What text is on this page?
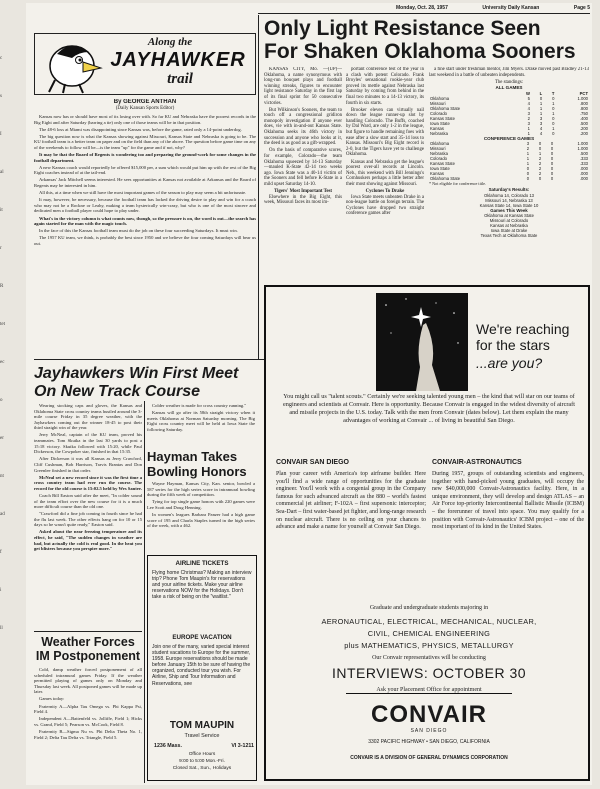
c
s
I
al
it
r
R
tet
ec
o
er
nt
ad
f
i
ll
Monday, Oct. 28, 1957	University Daily Kansan	Page 5
Along the
JAYHAWKER
trail
By GEORGE ANTHAN
(Daily Kansan Sports Editor)
Kansas now has or should have most of its losing over with. So far KU and Nebraska have the poorest records in the Big Eight and after Saturday (barring a tie) only one of those teams will be in that position.
The 48-6 loss at Miami was disappointing since Kansas was, before the game, rated only a 14-point underdog.
The big question now is what the Kansas showing against Missouri, Kansas State and Nebraska is going to be. The KU football team is a better team on paper and on the field than any of the above. The question before game time on any of the weekends to follow will be—is the team "up" for the game and if not, why?
It may be that the Board of Regents is wondering too and preparing the ground-work for some changes in the football department.
A new Kansas coach would reportedly be offered $15,000 per, a sum which would put him up with the rest of the Big Eight coaches instead of at the tail-end.
Arkansas' Jack Mitchell seems interested. He sees opportunities at Kansas not available at Arkansas and the Board of Regents may be interested in him.
All this, at a time when we still have the most important games of the season to play may seem a bit unfortunate.
It may, however, be necessary, because the football team has lacked the driving desire to play and win for a coach who may not be a Rockne or Leahy, making a team hysterically win-crazy, but who is one of the most sincere and dedicated men a football player could hope to play under.
What's in the victory column is what counts now, though, so the pressure is on, the word is out—the search has again started for the man with the magic touch.
In the face of this the Kansas football team must do the job on these four succeeding Saturdays. It must win.
The 1957 KU team, we think, is probably the best since 1950 and we believe the four coming Saturdays will bear us out.
Only Light Resistance Seen
For Shaken Oklahoma Sooners
KANSAS CITY, Mo. —(UP)— Oklahoma, a name synonymous with long-run bouquet plays and football winning streaks, figures to encounter light resistance Saturday in the first lap of its final sprint for 50 consecutive victories.
But Wilkinson's Sooners, the team to touch off a congressional gridiron monopoly investigation if anyone ever does, vie with in-and-out Kansas State. Oklahoma seeks its 46th victory in succession and anyone who looks at it, the deed is as good as a gift-wrapped.
On the basis of comparative scores, for example, Colorado—the team Oklahoma squeezed by 14-13 Saturday—mauled K-State 42-14 two weeks ago. Iowa State was a 40-14 victim of the Sooners and fell before K-State in a mild upset Saturday 14-10.
Tigers' Most Important Test
Elsewhere in the Big Eight, this week, Missouri faces its most im-
portant conference test of the year in a clash with potent Colorado. Frank Broyles' sensational rookie-year club proved its mettle against Nebraska last Saturday by coming from behind in the final two minutes to a 14-13 victory, its fourth in six starts.
Brooker eleven can virtually nail down the league runner-up slot by handling Colorado. The Buffs, coached by Dal Ward, are only 1-2 in the league, but figure to handle remaining foes with ease after a slow start and 35-14 loss to Kansas. Missouri's Big Eight record is 2-0, but the Tigers have yet to challenge Oklahoma.
Kansas and Nebraska get the league's poorest over-all records at Lincoln. Neb., this weekend with Bill Jennings's Cornhuskers perhaps a little better after their most showing against Missouri.
Cyclones To Drake
Iowa State meets unbeaten Drake in a non-league battle on foreign terrain. The Cyclones have dropped two straight conference games after
a fine start under freshman mentor, Jim Myers. Drake moved past Bradley 21-13 last weekend in a battle of unbeaten independents.
The standings:
ALL GAMES
	W	L	T	PCT
Oklahoma	5	0	0	1.000
Missouri	4	1	1	.800
Oklahoma State	4	1	0	.800
Colorado	3	1	1	.750
Kansas State	2	3	0	.400
Iowa State	3	3	0	.500
Kansas	1	4	1	.200
Nebraska	1	4	0	.200
CONFERENCE GAMES
Oklahoma	3	0	0	1.000
Missouri	2	0	0	1.000
Nebraska	1	1	0	.500
Colorado	1	2	0	.333
Kansas State	1	2	0	.333
Iowa State	0	2	0	.000
Kansas	0	2	0	.000
Oklahoma State	0	0	0	.000
* Not eligible for conference title.
Saturday's Results:
Oklahoma 14, Colorado 13
Missouri 14, Nebraska 13
Kansas State 14, Iowa State 10
Games This Week
Oklahoma at Kansas State
Missouri at Colorado
Kansas at Nebraska
Iowa State at Drake
Texas Tech at Oklahoma State
We're reaching
for the stars
...are you?
You might call us "talent scouts." Certainly we're seeking talented young men – the kind that will star on our teams of engineers and scientists at Convair. Here is opportunity. Because Convair is engaged in the widest diversity of aircraft and missile projects in the U.S. today. Talk with the men from Convair (dates below). Let them explain the many advantages of working at Convair ... of living in beautiful San Diego.
CONVAIR SAN DIEGO
Plan your career with America's top airframe builder. Here you'll find a wide range of opportunities for the graduate engineer. You'll work with a congenial group in the Company famous for such advanced aircraft as the 880 – world's fastest commercial jet airliner; F-102A – first supersonic interceptor; Sea-Dart – first water-based jet fighter, and long-range research on nuclear aircraft. There is no ceiling on your chances to advance and make a name for yourself at Convair San Diego.
CONVAIR-ASTRONAUTICS
During 1957, groups of outstanding scientists and engineers, together with hand-picked young graduates, will occupy the new $40,000,000 Convair-Astronautics facility. Here, in a unique environment, they will develop and design ATLAS – an Air Force top-priority Intercontinental Ballistic Missile (ICBM) – the forerunner of travel into space. You may qualify for a position with Convair-Astronautics' ICBM project – one of the most important of its kind in the United States.
Graduate and undergraduate students majoring in
AERONAUTICAL, ELECTRICAL, MECHANICAL, NUCLEAR,
CIVIL, CHEMICAL ENGINEERING
plus MATHEMATICS, PHYSICS, METALLURGY
Our Convair representatives will be conducting
INTERVIEWS: OCTOBER 30
Ask your Placement Office for appointment
CONVAIR
SAN DIEGO
3302 PACIFIC HIGHWAY • SAN DIEGO, CALIFORNIA
CONVAIR IS A DIVISION OF GENERAL DYNAMICS CORPORATION
Jayhawkers Win First Meet
On New Track Course
Wearing stocking caps and gloves, the Kansas and Oklahoma State cross country teams hustled around the 3-mile course Friday in 35 degree weather, with the Jayhawkers coming out the winner 18-45 to post their third straight win of the year.
Jerry McNeal, captain of the KU team, proved his teammates. Tom Skutka in the last 30 yards to post a 15:18 victory. Skutka followed with 15:20, while Paul Dickerson, the Cowpoker star, finished in that 15:35.
After Dickerson it was all Kansas as Jerry Crawford, Cliff Cushman, Bob Harrison, Travis Brantas and Don Greenlee finished in that order.
McNeal set a new record since it was the first time a cross country team had ever run the course. The record for the old course is 15:02.5 held by Wes Santee.
Coach Bill Easton said after the meet, "In colder sound of the team effort over the new course for it is a much more difficult course than the old one.
"Crawford did a fine job coming in fourth since he had the flu last week. The other effects hang on for 10 or 15 days so he wasn't quite ready," Easton said.
Asked about the near freezing temperature and its effect, he said, "The sudden changes in weather are bad, but actually the cold is real good. In the heat you get blisters because you perspire more."
Colder weather is made for cross country running."
Kansas will go after its 58th straight victory when it meets Oklahoma at Norman Saturday morning. The Big Eight cross country meet will be held at Iowa State the following Saturday.
Hayman Takes
Bowling Honors
Wayne Hayman, Kansas City, Kan. senior, bowled a 587 series for the high series score in intramural bowling during the fifth week of competition.
Tying for top single game honors with 220 games were Lee Scott and Doug Henning.
In women's leagues Barbara Panzer had a high game score of 195 and Charla Staples turned in the high series of the week, with a 462.
Weather Forces
IM Postponement
Cold, damp weather forced postponement of all scheduled intramural games Friday. If the weather permitted playing of games only on Monday and Thursday last week. All postponed games will be made up later.
Games today:
Fraternity A—Alpha Tau Omega vs. Phi Kappa Psi, Field 4.
Independent A—Battenfeld vs. Jolliffe, Field 1; Hicks vs. Grand, Field 5; Pearson vs. McCook, Field 8.
Fraternity B—Sigma Nu vs. Phi Delta Theta No. 1, Field 2; Delta Tau Delta vs. Triangle, Field 5.
AIRLINE TICKETS
Flying home Christmas? Making an interview trip? Phone Tom Maupin's for reservations and your airline tickets. Make your airline reservations NOW for the Holidays. Don't take a risk of being on the "waitlist."
EUROPE VACATION
Join one of the many, varied special interest student vacations to Europe for the summer, 1958. Europe reservations should be made before January 15th to be sure of having the organized, conducted tour you wish. For Airline, Ship and Tour Information and Reservations, see
TOM MAUPIN
Travel Service
1236 Mass.	VI 3-1211
Office Hours
9:00 to 5:00 Mon.-Fri.
Closed Sat., Sun., Holidays
